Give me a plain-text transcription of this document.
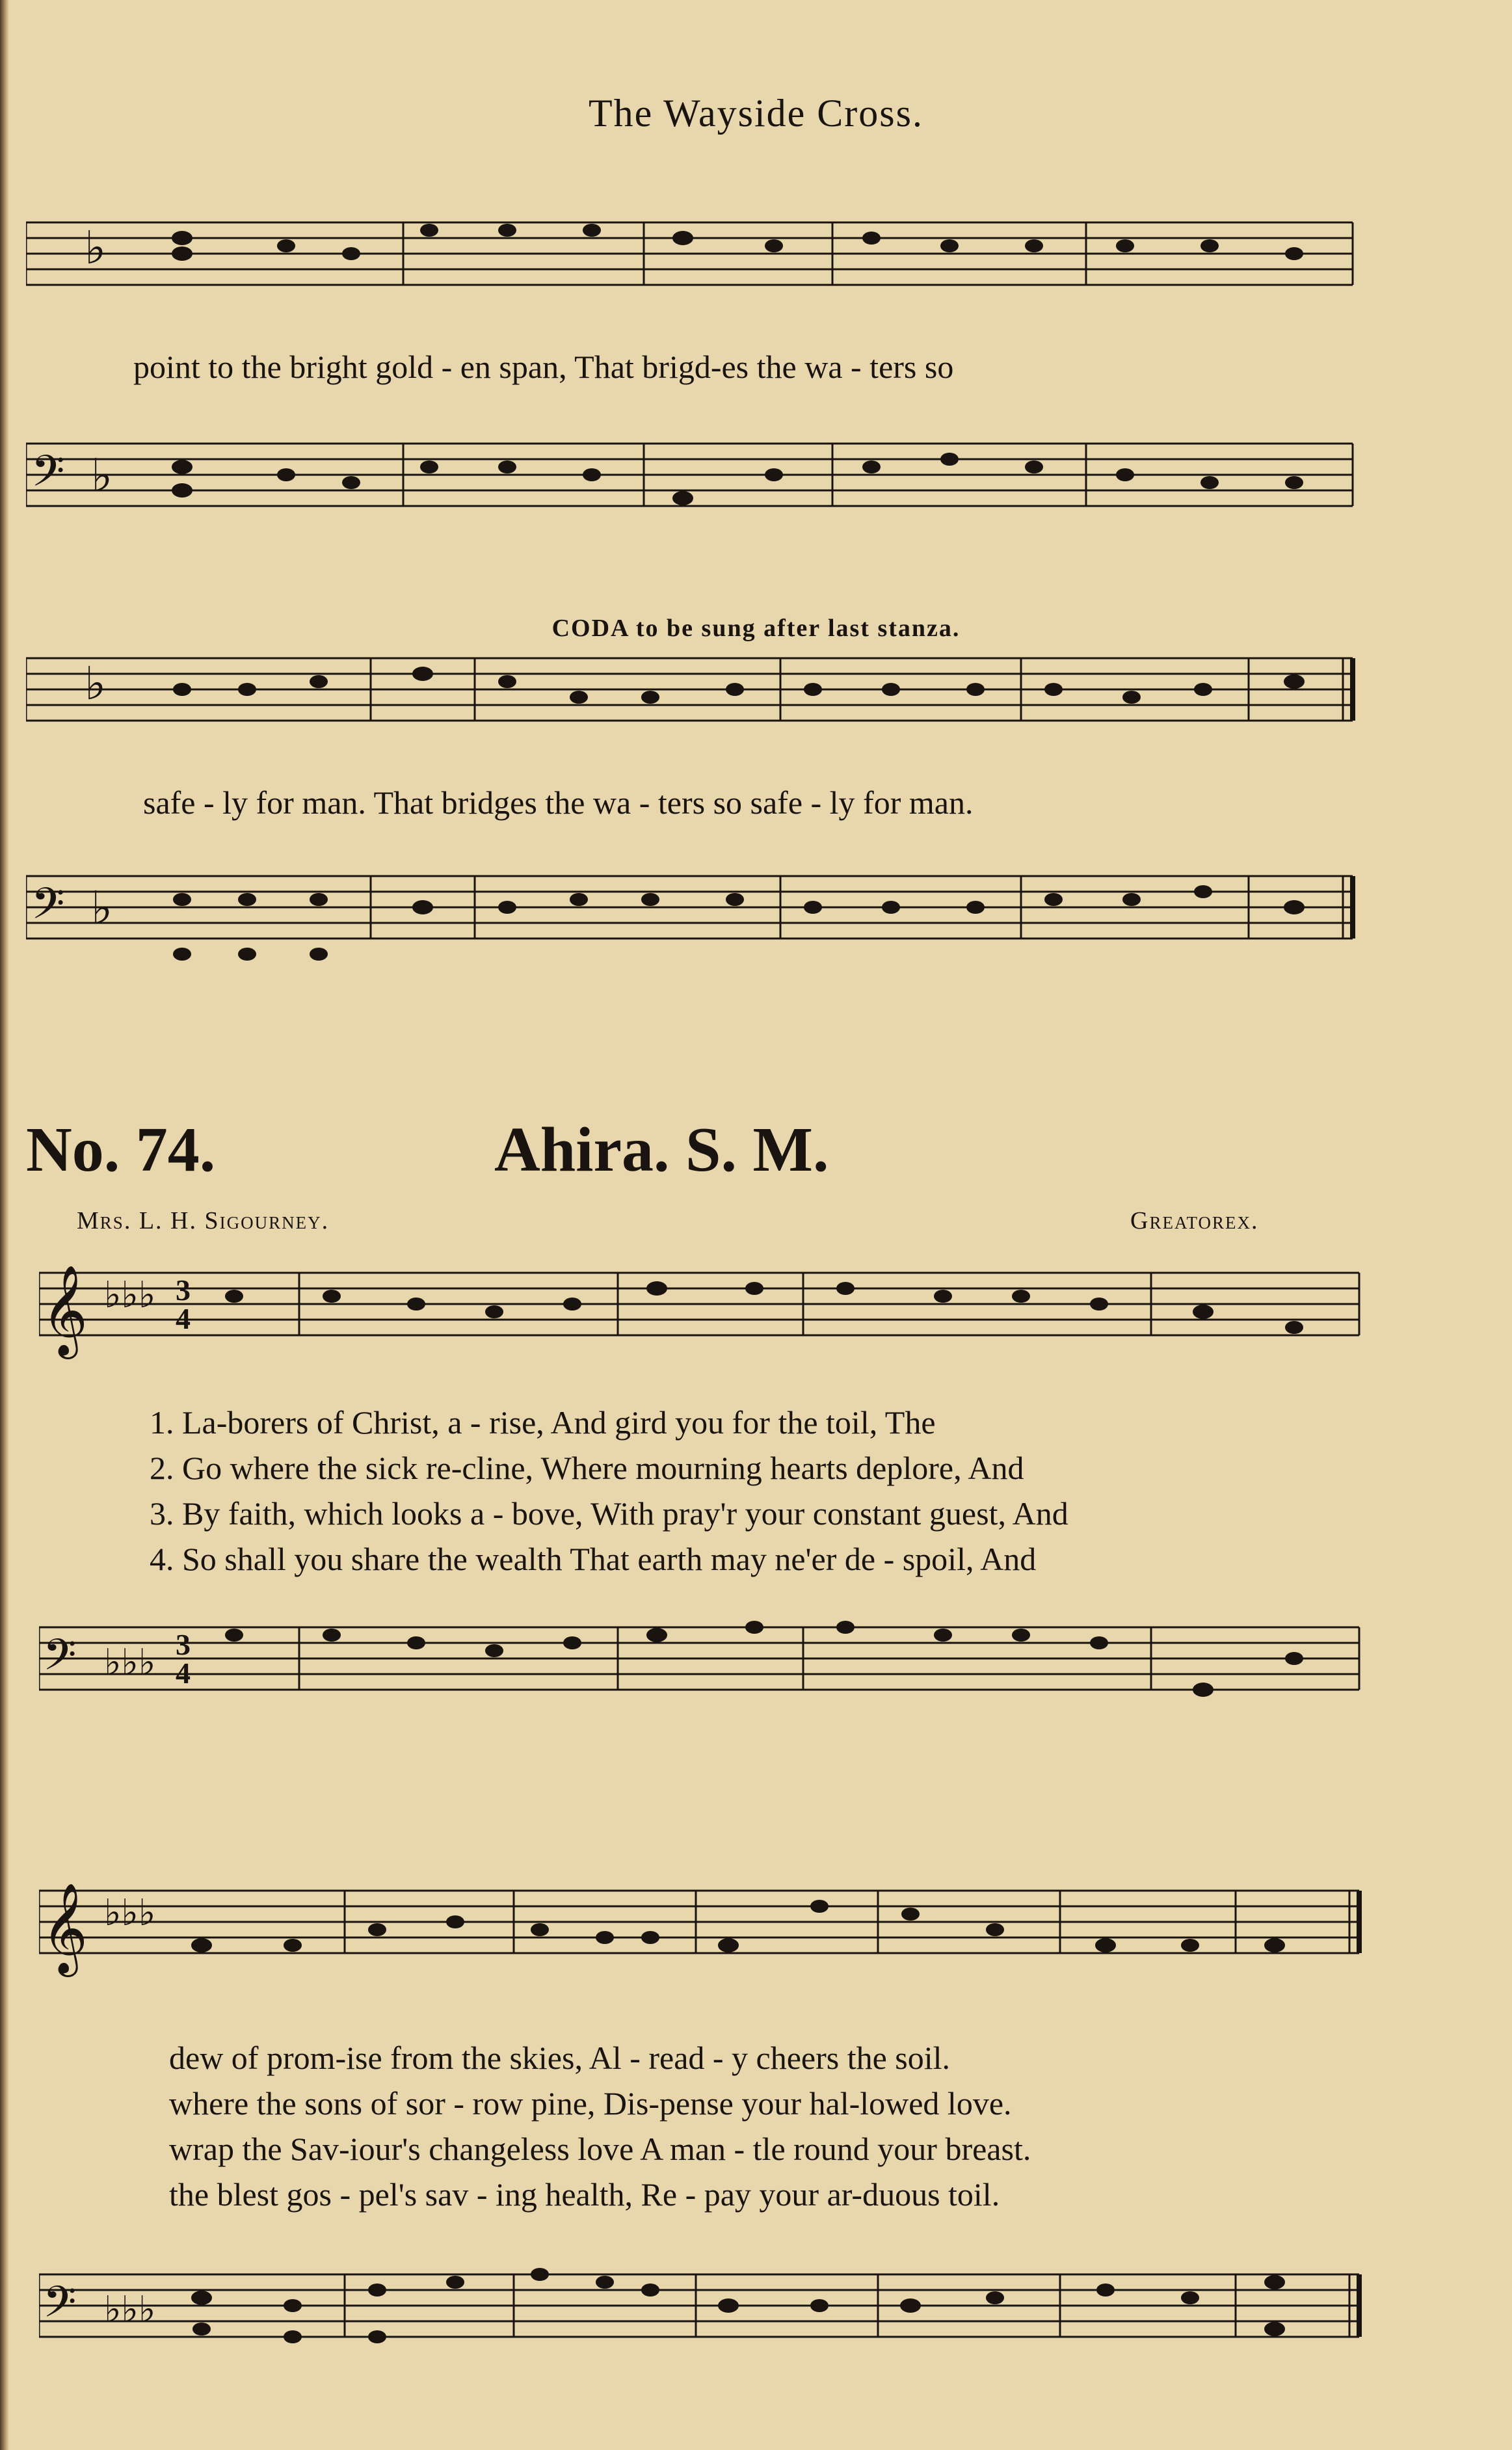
The Wayside Cross.
♭
point to the bright gold - en span, That brigd-es the wa - ters so
𝄢 ♭
CODA to be sung after last stanza.
♭
safe - ly for man. That bridges the wa - ters so safe - ly for man.
𝄢 ♭
No. 74.	Ahira. S. M.
Mrs. L. H. Sigourney.	Greatorex.
𝄞 ♭♭♭ 3
4
1. La-borers of Christ, a - rise, And gird you for the toil, The
2. Go where the sick re-cline, Where mourning hearts deplore, And
3. By faith, which looks a - bove, With pray'r your constant guest, And
4. So shall you share the wealth That earth may ne'er de - spoil, And
𝄢 ♭♭♭ 3
4
𝄞 ♭♭♭
dew of prom-ise from the skies, Al - read - y cheers the soil.
where the sons of sor - row pine, Dis-pense your hal-lowed love.
wrap the Sav-iour's changeless love A man - tle round your breast.
the blest gos - pel's sav - ing health, Re - pay your ar-duous toil.
𝄢 ♭♭♭
